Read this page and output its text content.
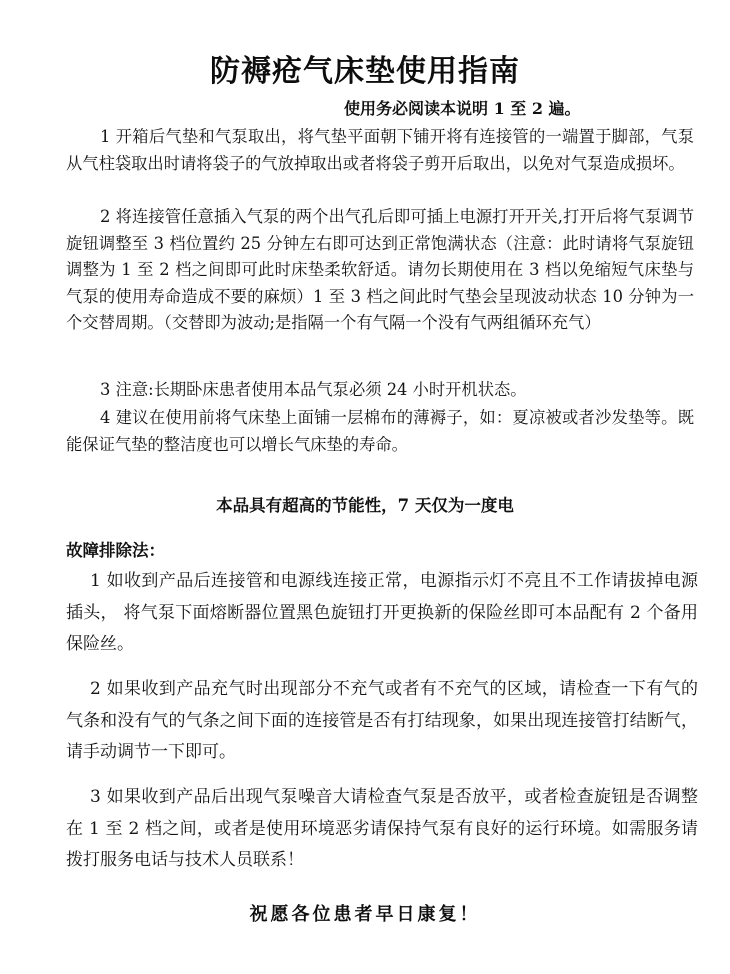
防褥疮气床垫使用指南
使用务必阅读本说明 1 至 2 遍。

1 开箱后气垫和气泵取出，将气垫平面朝下铺开将有连接管的一端置于脚部，气泵从气柱袋取出时请将袋子的气放掉取出或者将袋子剪开后取出，以免对气泵造成损坏。

2 将连接管任意插入气泵的两个出气孔后即可插上电源打开开关,打开后将气泵调节旋钮调整至 3 档位置约 25 分钟左右即可达到正常饱满状态（注意：此时请将气泵旋钮调整为 1 至 2 档之间即可此时床垫柔软舒适。请勿长期使用在 3 档以免缩短气床垫与气泵的使用寿命造成不要的麻烦）1 至 3 档之间此时气垫会呈现波动状态 10 分钟为一个交替周期。（交替即为波动;是指隔一个有气隔一个没有气两组循环充气）

3 注意:长期卧床患者使用本品气泵必须 24 小时开机状态。

4 建议在使用前将气床垫上面铺一层棉布的薄褥子，如：夏凉被或者沙发垫等。既能保证气垫的整洁度也可以增长气床垫的寿命。

本品具有超高的节能性，7 天仅为一度电
故障排除法：

1 如收到产品后连接管和电源线连接正常，电源指示灯不亮且不工作请拔掉电源插头， 将气泵下面熔断器位置黑色旋钮打开更换新的保险丝即可本品配有 2 个备用保险丝。

2 如果收到产品充气时出现部分不充气或者有不充气的区域，请检查一下有气的气条和没有气的气条之间下面的连接管是否有打结现象，如果出现连接管打结断气，请手动调节一下即可。

3 如果收到产品后出现气泵噪音大请检查气泵是否放平，或者检查旋钮是否调整在 1 至 2 档之间，或者是使用环境恶劣请保持气泵有良好的运行环境。如需服务请拨打服务电话与技术人员联系！

祝愿各位患者早日康复！
